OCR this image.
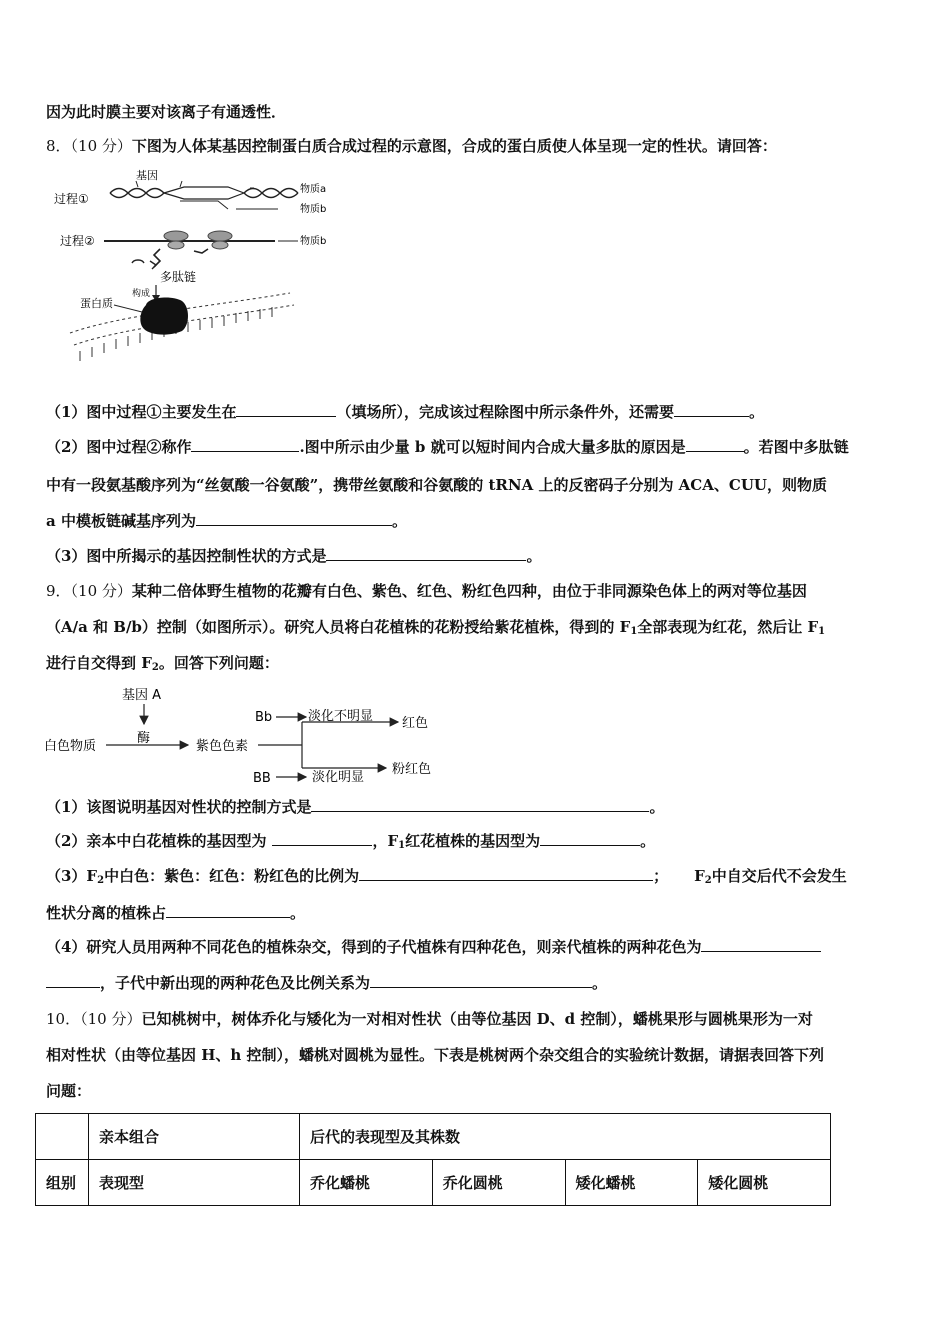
因为此时膜主要对该离子有通透性．
8．（10 分）下图为人体某基因控制蛋白质合成过程的示意图，合成的蛋白质使人体呈现一定的性状。请回答：
基因
过程①
物质a
物质b
过程②	物质b
多肽链
构成
蛋白质
（1）图中过程①主要发生在	（填场所），完成该过程除图中所示条件外，还需要	。
（2）图中过程②称作	.图中所示由少量 b 就可以短时间内合成大量多肽的原因是	。若图中多肽链
中有一段氨基酸序列为“丝氨酸一谷氨酸”，携带丝氨酸和谷氨酸的 tRNA 上的反密码子分别为 ACA、CUU，则物质
a 中模板链碱基序列为	。
（3）图中所揭示的基因控制性状的方式是	。
9．（10 分）某种二倍体野生植物的花瓣有白色、紫色、红色、粉红色四种，由位于非同源染色体上的两对等位基因
（A/a 和 B/b）控制（如图所示）。研究人员将白花植株的花粉授给紫花植株，得到的 $F_1$全部表现为红花，然后让 $F_1$
进行自交得到 $F_2$。回答下列问题：
基因 A
酶
白色物质	紫色色素
Bb	淡化不明显 红色
BB	淡化明显
粉红色
（1）该图说明基因对性状的控制方式是	。
（2）亲本中白花植株的基因型为	，$F_1$红花植株的基因型为	。
$(3)F_2$中白色：紫色：红色：粉红色的比例为	； $F_2$中自交后代不会发生
性状分离的植株占	。
（4）研究人员用两种不同花色的植株杂交，得到的子代植株有四种花色，则亲代植株的两种花色为
，子代中新出现的两种花色及比例关系为	。
10．（10 分）已知桃树中，树体乔化与矮化为一对相对性状（由等位基因 D、d 控制），蟠桃果形与圆桃果形为一对
相对性状（由等位基因 H、h 控制），蟠桃对圆桃为显性。下表是桃树两个杂交组合的实验统计数据，请据表回答下列
问题：
	亲本组合	后代的表现型及其株数			
组别	表现型	乔化蟠桃	乔化圆桃	矮化蟠桃	矮化圆桃
